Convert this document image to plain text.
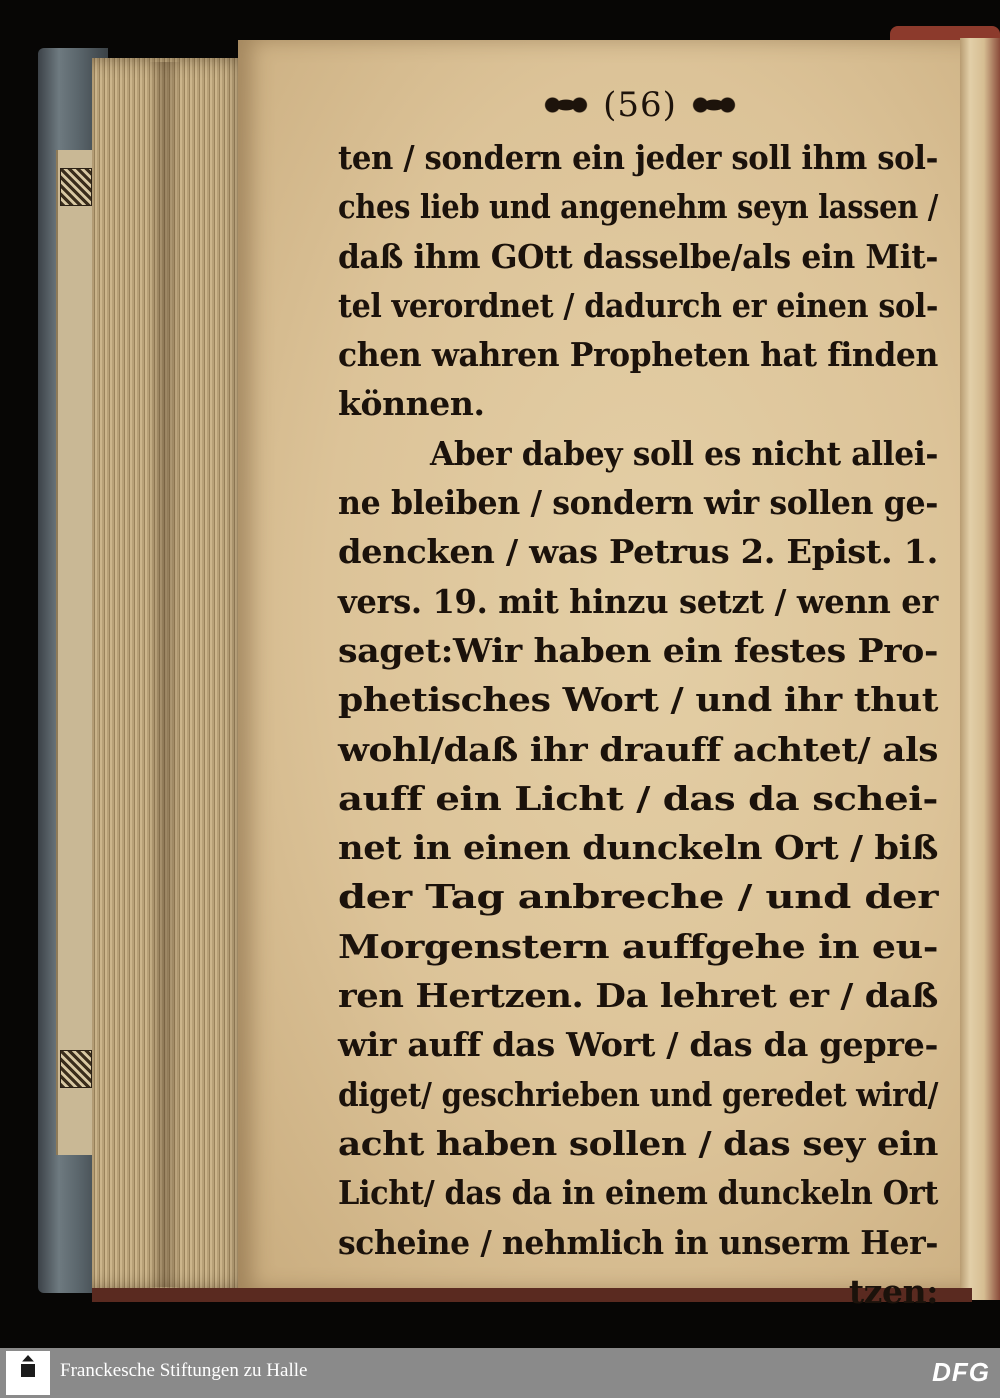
(56)
ten / sondern ein jeder soll ihm sol-
ches lieb und angenehm seyn lassen /
daß ihm GOtt dasselbe/als ein Mit-
tel verordnet / dadurch er einen sol-
chen wahren Propheten hat finden
können.
Aber dabey soll es nicht allei-
ne bleiben / sondern wir sollen ge-
dencken / was Petrus 2. Epist. 1.
vers. 19. mit hinzu setzt / wenn er
saget:Wir haben ein festes Pro-
phetisches Wort / und ihr thut
wohl/daß ihr drauff achtet/ als
auff ein Licht / das da schei-
net in einen dunckeln Ort / biß
der Tag anbreche / und der
Morgenstern auffgehe in eu-
ren Hertzen. Da lehret er / daß
wir auff das Wort / das da gepre-
diget/ geschrieben und geredet wird/
acht haben sollen / das sey ein
Licht/ das da in einem dunckeln Ort
scheine / nehmlich in unserm Her-
tzen:
Franckesche Stiftungen zu Halle	DFG
